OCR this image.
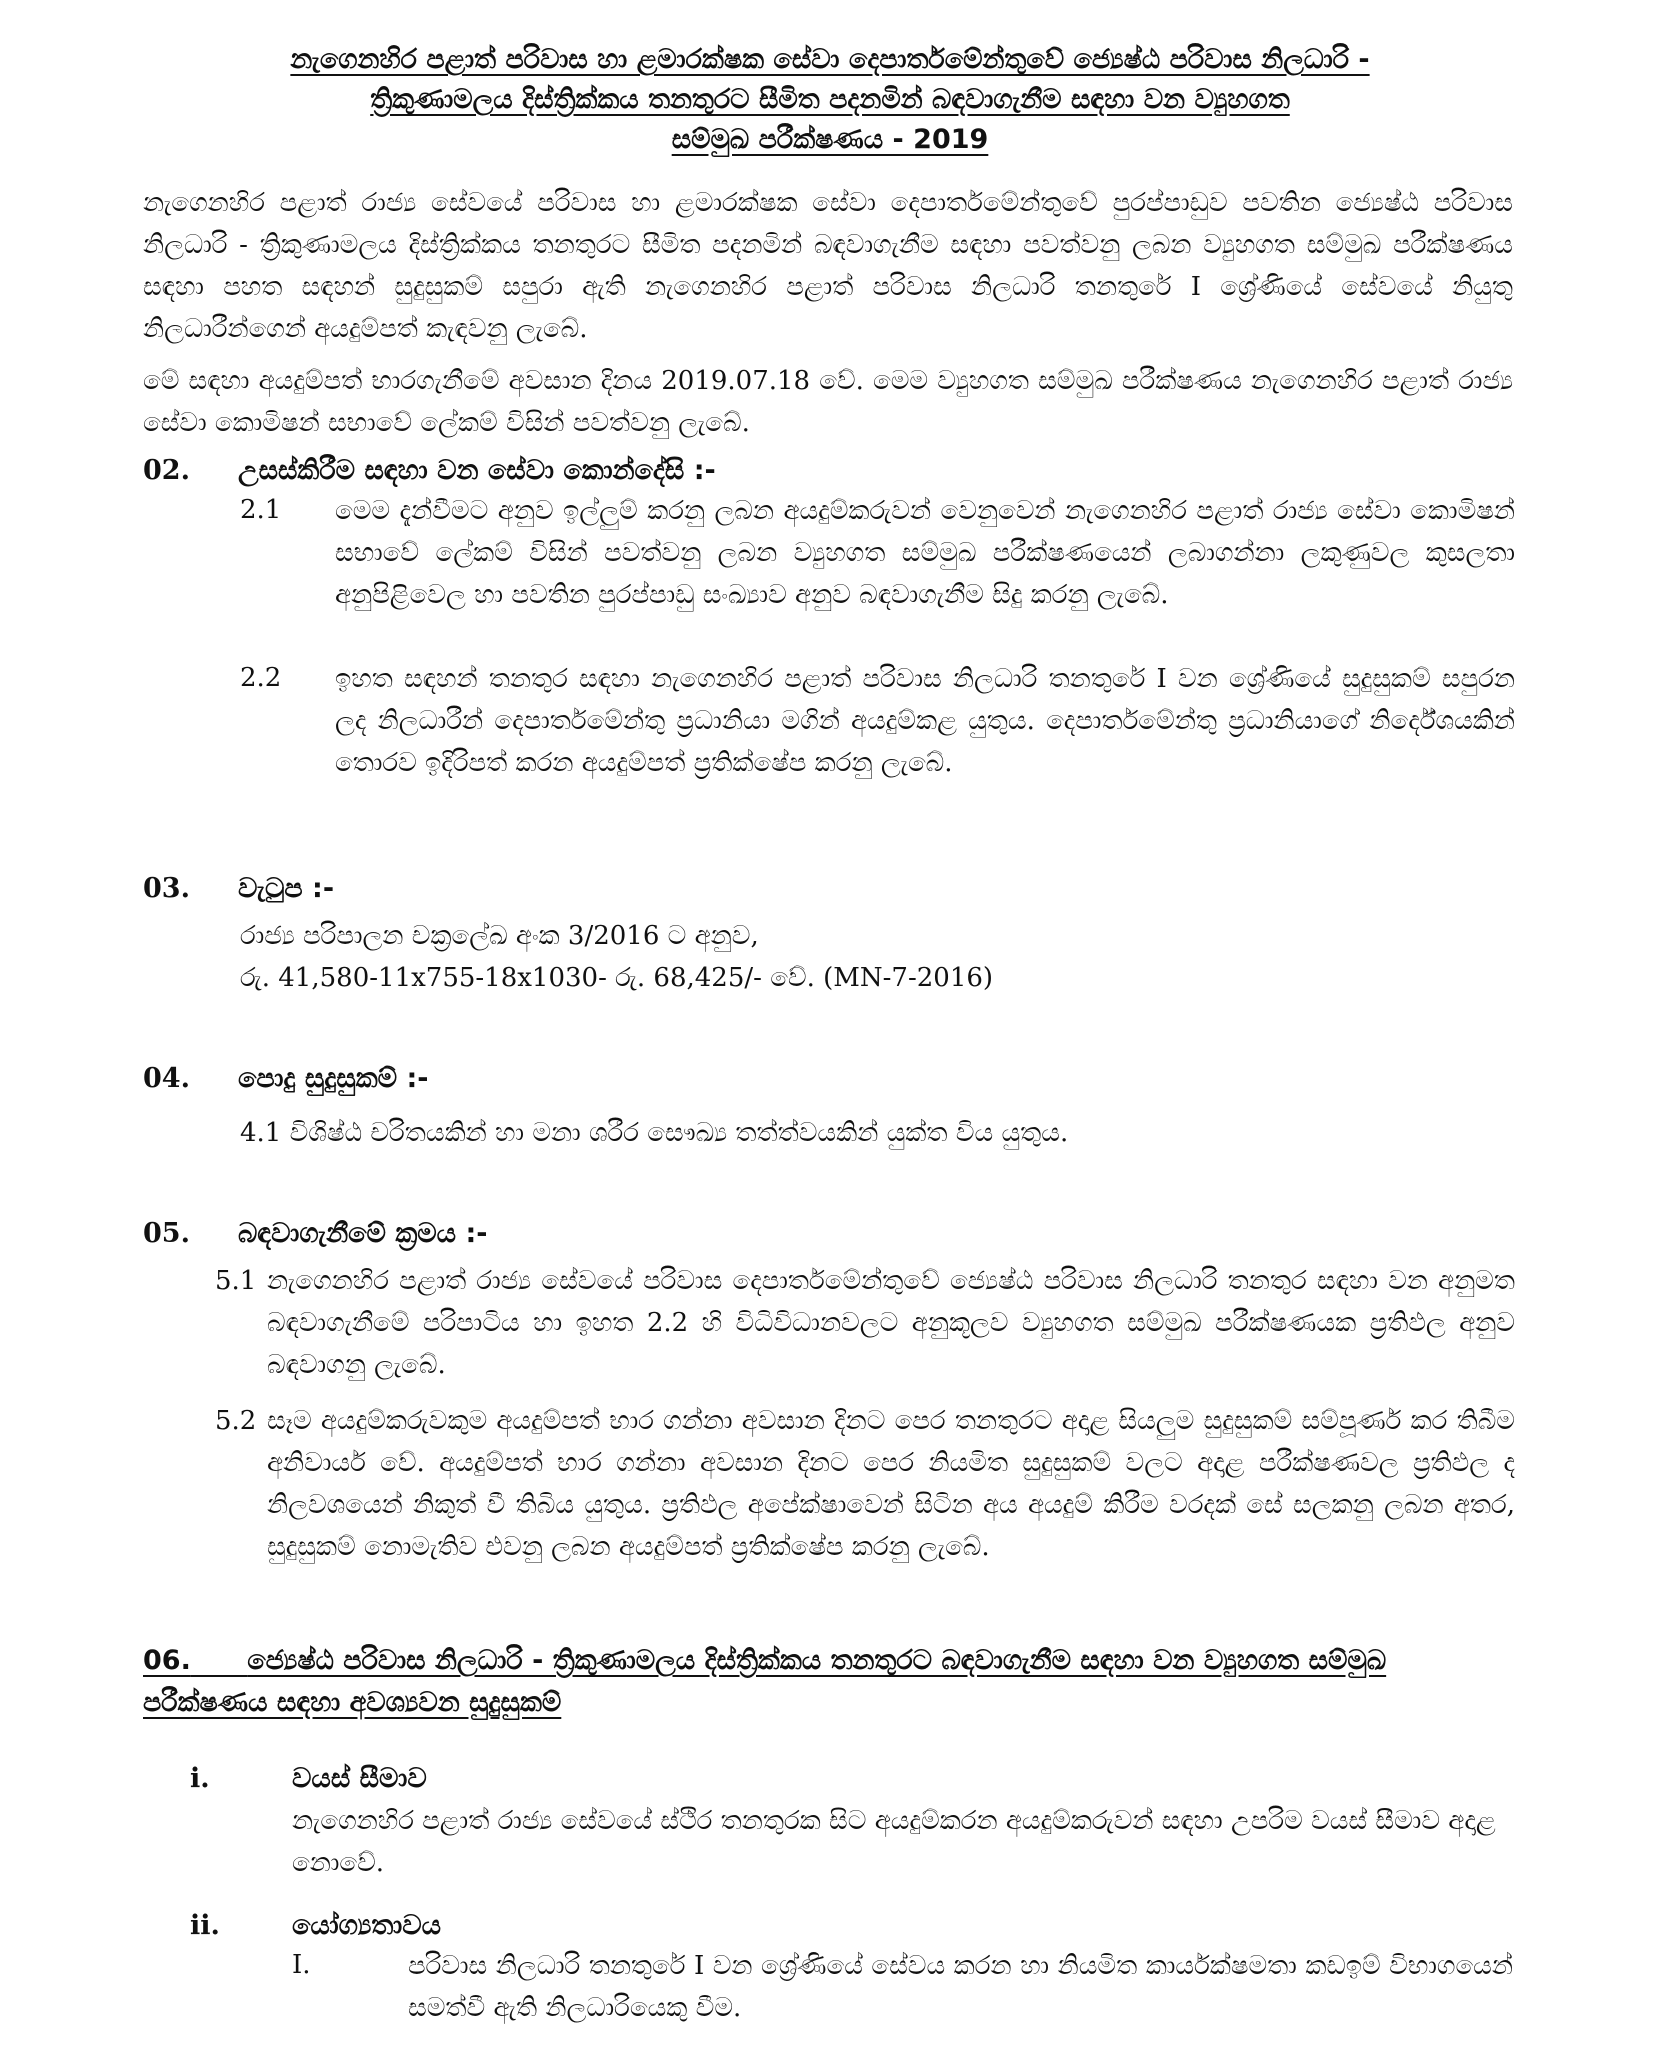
නැගෙනහිර පළාත් පරිවාස හා ළමාරක්ෂක සේවා දෙපාර්තමේන්තුවේ ජ්‍යෙෂ්ඨ පරිවාස නිලධාරි -
ත්‍රිකුණාමලය දිස්ත්‍රික්කය තනතුරට සීමිත පදනමින් බඳවාගැනීම සඳහා වන ව්‍යුහගත
සම්මුඛ පරීක්ෂණය - 2019
නැගෙනහිර පළාත් රාජ්‍ය සේවයේ පරිවාස හා ළමාරක්ෂක සේවා දෙපාර්තමේන්තුවේ පුරප්පාඩුව පවතින ජ්‍යෙෂ්ඨ පරිවාස නිලධාරි - ත්‍රිකුණාමලය දිස්ත්‍රික්කය තනතුරට සීමිත පදනමින් බඳවාගැනීම සඳහා පවත්වනු ලබන ව්‍යුහගත සම්මුඛ පරීක්ෂණය සඳහා පහත සඳහන් සුදුසුකම් සපුරා ඇති නැගෙනහිර පළාත් පරිවාස නිලධාරි තනතුරේ I ශ්‍රේණියේ සේවයේ නියුතු නිලධාරීන්ගෙන් අයදුම්පත් කැඳවනු ලැබේ.
මේ සඳහා අයදුම්පත් භාරගැනීමේ අවසාන දිනය 2019.07.18 වේ. මෙම ව්‍යුහගත සම්මුඛ පරීක්ෂණය නැගෙනහිර පළාත් රාජ්‍ය සේවා කොමිෂන් සභාවේ ලේකම් විසින් පවත්වනු ලැබේ.
02. උසස්කිරීම සඳහා වන සේවා කොන්දේසි :-
2.1 මෙම දැන්වීමට අනුව ඉල්ලුම් කරනු ලබන අයදුම්කරුවන් වෙනුවෙන් නැගෙනහිර පළාත් රාජ්‍ය සේවා කොමිෂන් සභාවේ ලේකම් විසින් පවත්වනු ලබන ව්‍යුහගත සම්මුඛ පරීක්ෂණයෙන් ලබාගන්නා ලකුණුවල කුසලතා අනුපිළිවෙල හා පවතින පුරප්පාඩු සංඛ්‍යාව අනුව බඳවාගැනීම සිදු කරනු ලැබේ.
2.2 ඉහත සඳහන් තනතුර සඳහා නැගෙනහිර පළාත් පරිවාස නිලධාරි තනතුරේ I වන ශ්‍රේණියේ සුදුසුකම් සපුරන ලද නිලධාරීන් දෙපාර්තමේන්තු ප්‍රධානියා මගින් අයදුම්කළ යුතුය. දෙපාර්තමේන්තු ප්‍රධානියාගේ නිර්දේශයකින් තොරව ඉදිරිපත් කරන අයදුම්පත් ප්‍රතික්ෂේප කරනු ලැබේ.
03. වැටුප :-
රාජ්‍ය පරිපාලන චක්‍රලේඛ අංක 3/2016 ට අනුව,
රු. 41,580-11x755-18x1030- රු. 68,425/- වේ. (MN-7-2016)
04. පොදු සුදුසුකම් :-
4.1 විශිෂ්ඨ චරිතයකින් හා මනා ශරීර සෞඛ්‍ය තත්ත්වයකින් යුක්ත විය යුතුය.
05. බඳවාගැනීමේ ක්‍රමය :-
5.1 නැගෙනහිර පළාත් රාජ්‍ය සේවයේ පරිවාස දෙපාර්තමේන්තුවේ ජ්‍යෙෂ්ඨ පරිවාස නිලධාරි තනතුර සඳහා වන අනුමත බඳවාගැනීමේ පරිපාටිය හා ඉහත 2.2 හි විධිවිධානවලට අනුකූලව ව්‍යුහගත සම්මුඛ පරීක්ෂණයක ප්‍රතිඵල අනුව බඳවාගනු ලැබේ.
5.2 සෑම අයදුම්කරුවකුම අයදුම්පත් භාර ගන්නා අවසාන දිනට පෙර තනතුරට අදාළ සියලුම සුදුසුකම් සම්පූර්ණ කර තිබීම අනිවාර්ය වේ. අයදුම්පත් භාර ගන්නා අවසාන දිනට පෙර නියමිත සුදුසුකම් වලට අදාළ පරීක්ෂණවල ප්‍රතිඵල ද නිලවශයෙන් නිකුත් වී තිබිය යුතුය. ප්‍රතිඵල අපේක්ෂාවෙන් සිටින අය අයදුම් කිරීම වරදක් සේ සලකනු ලබන අතර, සුදුසුකම් නොමැතිව එවනු ලබන අයදුම්පත් ප්‍රතික්ෂේප කරනු ලැබේ.
06. ජ්‍යෙෂ්ඨ පරිවාස නිලධාරි - ත්‍රිකුණාමලය දිස්ත්‍රික්කය තනතුරට බඳවාගැනීම සඳහා වන ව්‍යුහගත සම්මුඛ පරීක්ෂණය සඳහා අවශ්‍යවන සුදුසුකම්
i.	වයස් සීමාව
නැගෙනහිර පළාත් රාජ්‍ය සේවයේ ස්ථිර තනතුරක සිට අයදුම්කරන අයදුම්කරුවන් සඳහා උපරිම වයස් සීමාව අදාළ නොවේ.
ii.	යෝග්‍යතාවය
I.	පරිවාස නිලධාරි තනතුරේ I වන ශ්‍රේණියේ සේවය කරන හා නියමිත කාර්යක්ෂමතා කඩඉම් විභාගයෙන් සමත්වී ඇති නිලධාරියෙකු වීම.
